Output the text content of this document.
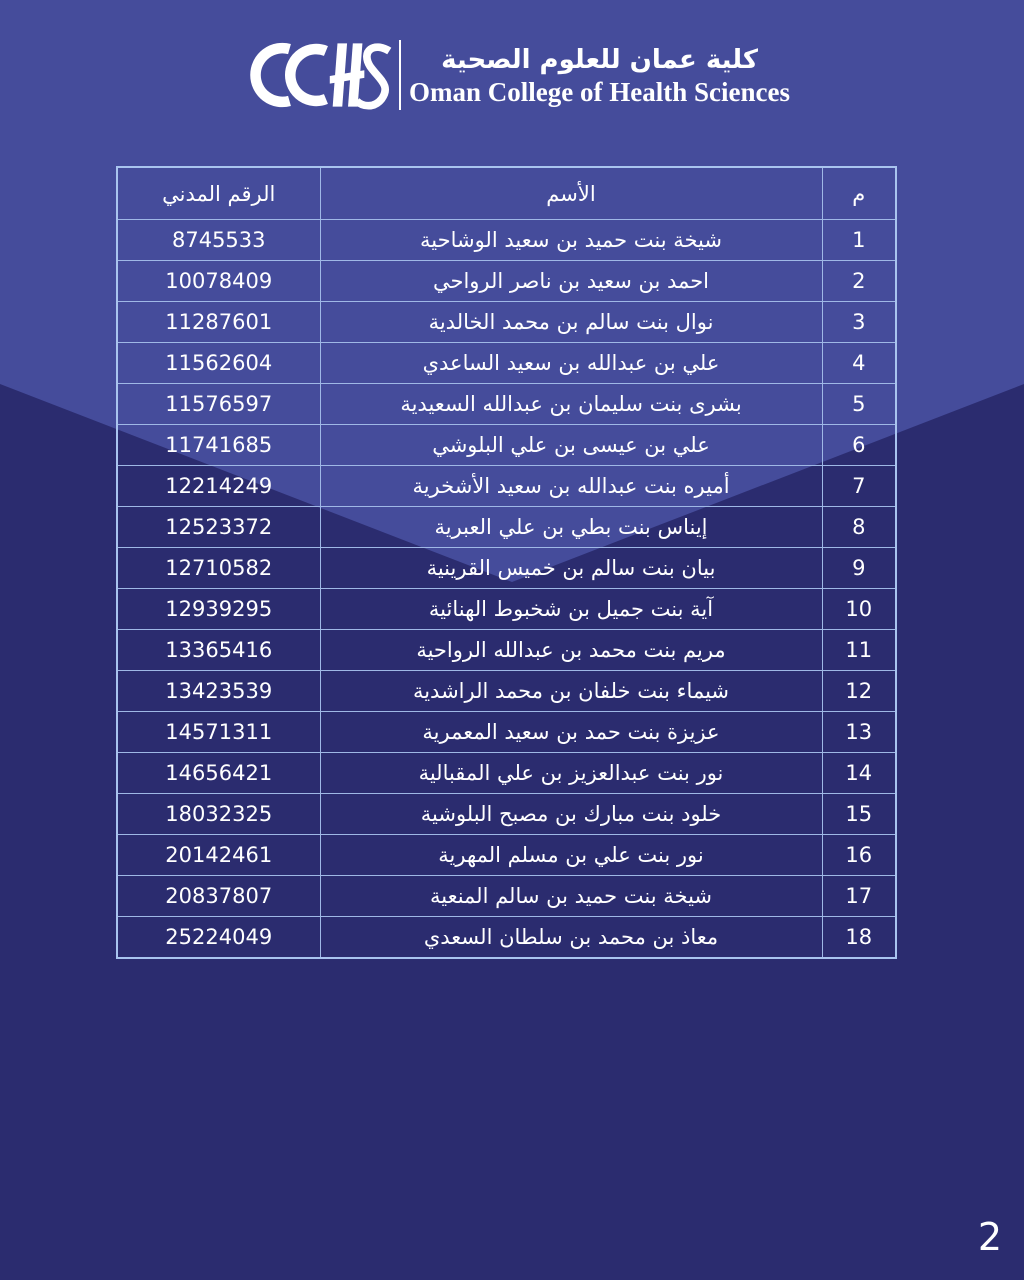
كلية عمان للعلوم الصحية
Oman College of Health Sciences
م	الأسم	الرقم المدني
1	شيخة بنت حميد بن سعيد الوشاحية	8745533
2	احمد بن سعيد بن ناصر الرواحي	10078409
3	نوال بنت سالم بن محمد الخالدية	11287601
4	علي بن عبدالله بن سعيد الساعدي	11562604
5	بشرى بنت سليمان بن عبدالله السعيدية	11576597
6	علي بن عيسى بن علي البلوشي	11741685
7	أميره بنت عبدالله بن سعيد الأشخرية	12214249
8	إيناس بنت بطي بن علي العبرية	12523372
9	بيان بنت سالم بن خميس القرينية	12710582
10	آية بنت جميل بن شخبوط الهنائية	12939295
11	مريم بنت محمد بن عبدالله الرواحية	13365416
12	شيماء بنت خلفان بن محمد الراشدية	13423539
13	عزيزة بنت حمد بن سعيد المعمرية	14571311
14	نور بنت عبدالعزيز بن علي المقبالية	14656421
15	خلود بنت مبارك بن مصبح البلوشية	18032325
16	نور بنت علي بن مسلم المهرية	20142461
17	شيخة بنت حميد بن سالم المنعية	20837807
18	معاذ بن محمد بن سلطان السعدي	25224049
2
